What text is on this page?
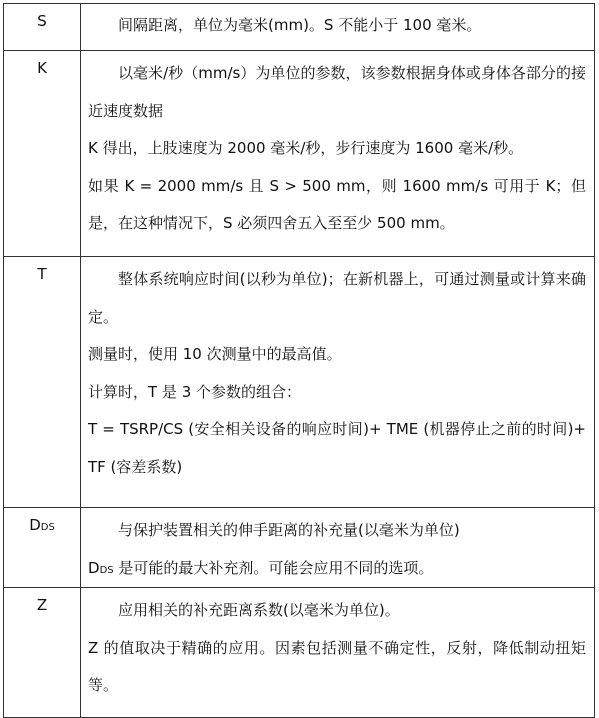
S	间隔距离，单位为毫米(mm)。S 不能小于 100 毫米。

K	以毫米/秒（mm/s）为单位的参数，该参数根据身体或身体各部分的接近速度数据

K 得出，上肢速度为 2000 毫米/秒，步行速度为 1600 毫米/秒。

如果 K = 2000 mm/s 且 S > 500 mm，则 1600 mm/s 可用于 K；但是，在这种情况下，S 必须四舍五入至至少 500 mm。

T	整体系统响应时间(以秒为单位)；在新机器上，可通过测量或计算来确定。

测量时，使用 10 次测量中的最高值。

计算时，T 是 3 个参数的组合：

T = TSRP/CS (安全相关设备的响应时间)+ TME (机器停止之前的时间)+ TF (容差系数)

DDS	与保护装置相关的伸手距离的补充量(以毫米为单位)

DDS 是可能的最大补充剂。可能会应用不同的选项。

Z	应用相关的补充距离系数(以毫米为单位)。

Z 的值取决于精确的应用。因素包括测量不确定性，反射，降低制动扭矩等。
